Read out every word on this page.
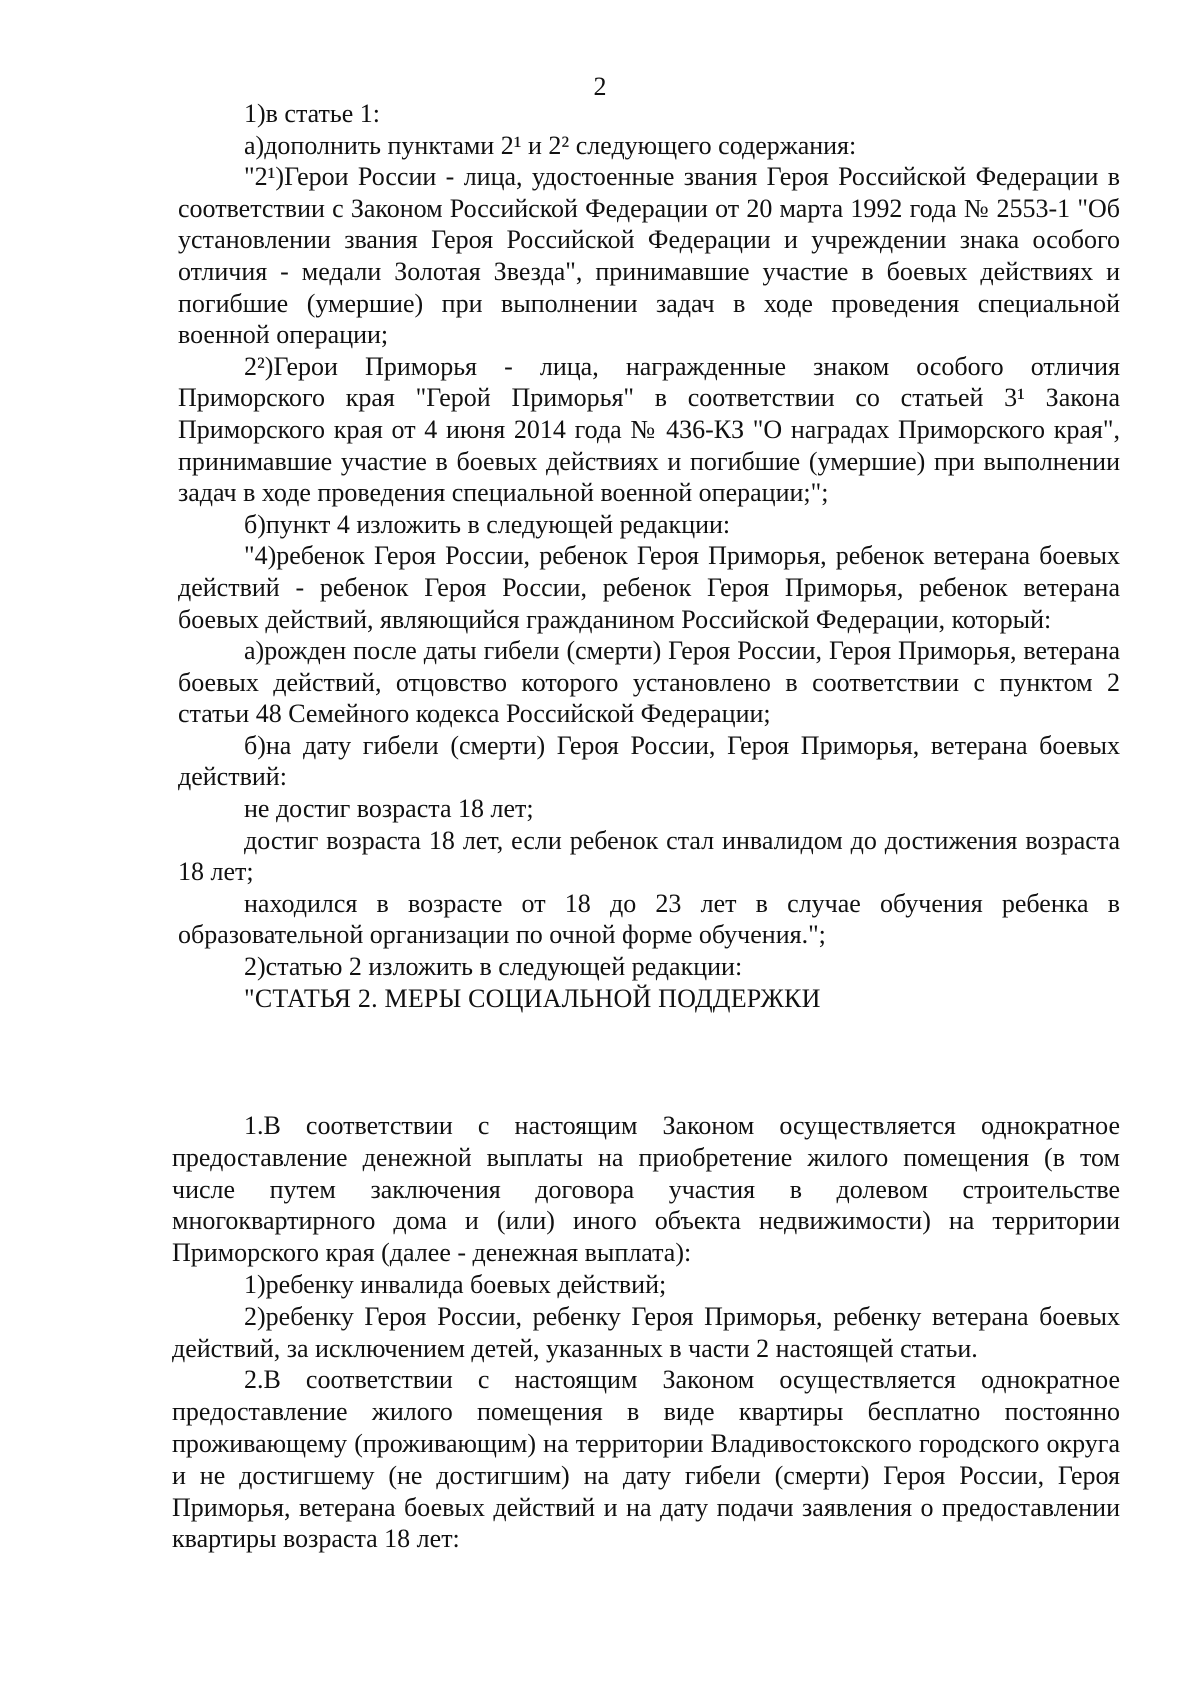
2

1)в статье 1:

а)дополнить пунктами 2¹ и 2² следующего содержания:

"2¹)Герои России - лица, удостоенные звания Героя Российской Федерации в соответствии с Законом Российской Федерации от 20 марта 1992 года № 2553-1 "Об установлении звания Героя Российской Федерации и учреждении знака особого отличия - медали Золотая Звезда", принимавшие участие в боевых действиях и погибшие (умершие) при выполнении задач в ходе проведения специальной военной операции;

2²)Герои Приморья - лица, награжденные знаком особого отличия Приморского края "Герой Приморья" в соответствии со статьей 3¹ Закона Приморского края от 4 июня 2014 года № 436-КЗ "О наградах Приморского края", принимавшие участие в боевых действиях и погибшие (умершие) при выполнении задач в ходе проведения специальной военной операции;";

б)пункт 4 изложить в следующей редакции:

"4)ребенок Героя России, ребенок Героя Приморья, ребенок ветерана боевых действий - ребенок Героя России, ребенок Героя Приморья, ребенок ветерана боевых действий, являющийся гражданином Российской Федерации, который:

а)рожден после даты гибели (смерти) Героя России, Героя Приморья, ветерана боевых действий, отцовство которого установлено в соответствии с пунктом 2 статьи 48 Семейного кодекса Российской Федерации;

б)на дату гибели (смерти) Героя России, Героя Приморья, ветерана боевых действий:

не достиг возраста 18 лет;

достиг возраста 18 лет, если ребенок стал инвалидом до достижения возраста 18 лет;

находился в возрасте от 18 до 23 лет в случае обучения ребенка в образовательной организации по очной форме обучения.";

2)статью 2 изложить в следующей редакции:

"СТАТЬЯ 2. МЕРЫ СОЦИАЛЬНОЙ ПОДДЕРЖКИ

1.В соответствии с настоящим Законом осуществляется однократное предоставление денежной выплаты на приобретение жилого помещения (в том числе путем заключения договора участия в долевом строительстве многоквартирного дома и (или) иного объекта недвижимости) на территории Приморского края (далее - денежная выплата):

1)ребенку инвалида боевых действий;

2)ребенку Героя России, ребенку Героя Приморья, ребенку ветерана боевых действий, за исключением детей, указанных в части 2 настоящей статьи.

2.В соответствии с настоящим Законом осуществляется однократное предоставление жилого помещения в виде квартиры бесплатно постоянно проживающему (проживающим) на территории Владивостокского городского округа и не достигшему (не достигшим) на дату гибели (смерти) Героя России, Героя Приморья, ветерана боевых действий и на дату подачи заявления о предоставлении квартиры возраста 18 лет:
